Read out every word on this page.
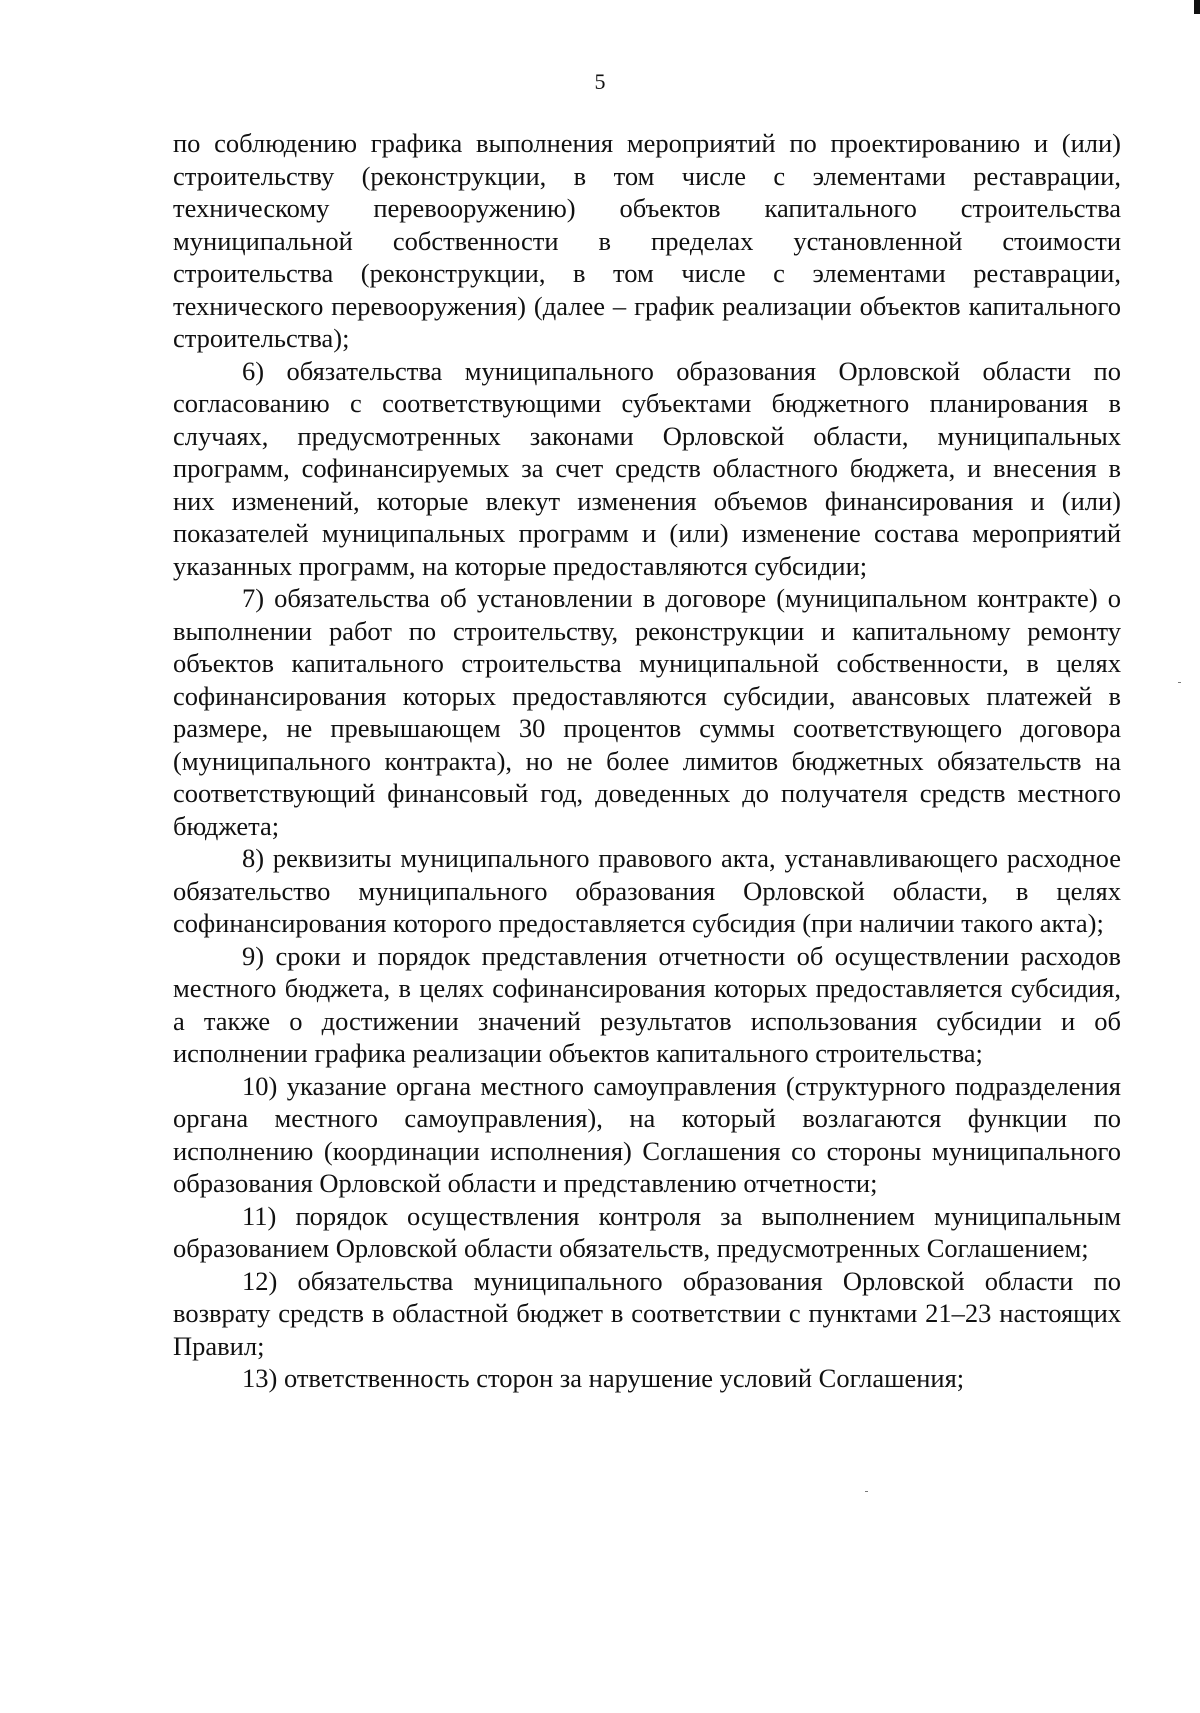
5

по соблюдению графика выполнения мероприятий по проектированию и (или) строительству (реконструкции, в том числе с элементами реставрации, техническому перевооружению) объектов капитального строительства муниципальной собственности в пределах установленной стоимости строительства (реконструкции, в том числе с элементами реставрации, технического перевооружения) (далее – график реализации объектов капитального строительства);

6) обязательства муниципального образования Орловской области по согласованию с соответствующими субъектами бюджетного планирования в случаях, предусмотренных законами Орловской области, муниципальных программ, софинансируемых за счет средств областного бюджета, и внесения в них изменений, которые влекут изменения объемов финансирования и (или) показателей муниципальных программ и (или) изменение состава мероприятий указанных программ, на которые предоставляются субсидии;

7) обязательства об установлении в договоре (муниципальном контракте) о выполнении работ по строительству, реконструкции и капитальному ремонту объектов капитального строительства муниципальной собственности, в целях софинансирования которых предоставляются субсидии, авансовых платежей в размере, не превышающем 30 процентов суммы соответствующего договора (муниципального контракта), но не более лимитов бюджетных обязательств на соответствующий финансовый год, доведенных до получателя средств местного бюджета;

8) реквизиты муниципального правового акта, устанавливающего расходное обязательство муниципального образования Орловской области, в целях софинансирования которого предоставляется субсидия (при наличии такого акта);

9) сроки и порядок представления отчетности об осуществлении расходов местного бюджета, в целях софинансирования которых предоставляется субсидия, а также о достижении значений результатов использования субсидии и об исполнении графика реализации объектов капитального строительства;

10) указание органа местного самоуправления (структурного подразделения органа местного самоуправления), на который возлагаются функции по исполнению (координации исполнения) Соглашения со стороны муниципального образования Орловской области и представлению отчетности;

11) порядок осуществления контроля за выполнением муниципальным образованием Орловской области обязательств, предусмотренных Соглашением;

12) обязательства муниципального образования Орловской области по возврату средств в областной бюджет в соответствии с пунктами 21–23 настоящих Правил;

13) ответственность сторон за нарушение условий Соглашения;
